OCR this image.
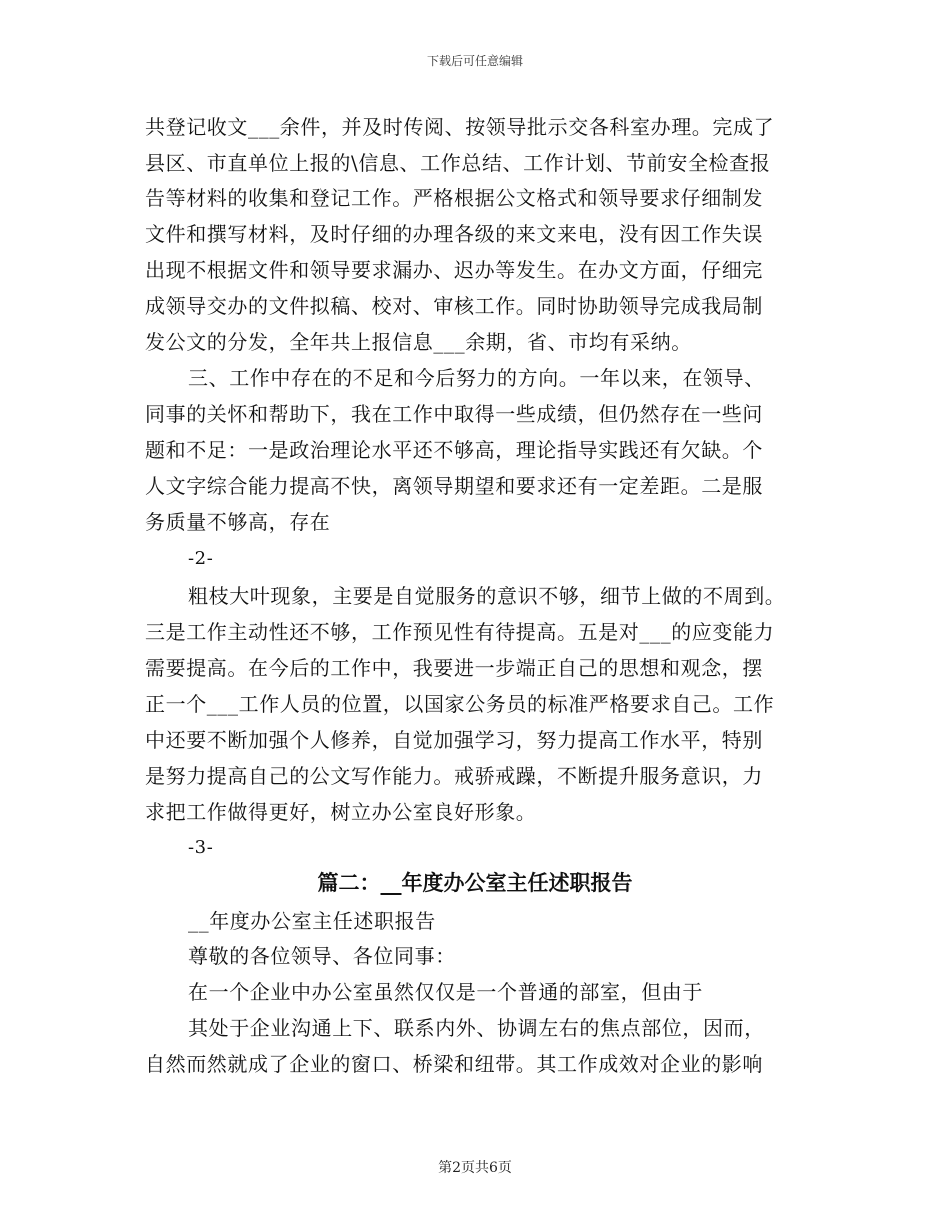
下载后可任意编辑
共登记收文___余件，并及时传阅、按领导批示交各科室办理。完成了
县区、市直单位上报的\信息、工作总结、工作计划、节前安全检查报
告等材料的收集和登记工作。严格根据公文格式和领导要求仔细制发
文件和撰写材料，及时仔细的办理各级的来文来电，没有因工作失误
出现不根据文件和领导要求漏办、迟办等发生。在办文方面，仔细完
成领导交办的文件拟稿、校对、审核工作。同时协助领导完成我局制
发公文的分发，全年共上报信息___余期，省、市均有采纳。
三、工作中存在的不足和今后努力的方向。一年以来，在领导、
同事的关怀和帮助下，我在工作中取得一些成绩，但仍然存在一些问
题和不足：一是政治理论水平还不够高，理论指导实践还有欠缺。个
人文字综合能力提高不快，离领导期望和要求还有一定差距。二是服
务质量不够高，存在
-2-
粗枝大叶现象，主要是自觉服务的意识不够，细节上做的不周到。
三是工作主动性还不够，工作预见性有待提高。五是对___的应变能力
需要提高。在今后的工作中，我要进一步端正自己的思想和观念，摆
正一个___工作人员的位置，以国家公务员的标准严格要求自己。工作
中还要不断加强个人修养，自觉加强学习，努力提高工作水平，特别
是努力提高自己的公文写作能力。戒骄戒躁，不断提升服务意识，力
求把工作做得更好，树立办公室良好形象。
-3-
篇二：__年度办公室主任述职报告
__年度办公室主任述职报告
尊敬的各位领导、各位同事：
在一个企业中办公室虽然仅仅是一个普通的部室，但由于
其处于企业沟通上下、联系内外、协调左右的焦点部位，因而，
自然而然就成了企业的窗口、桥梁和纽带。其工作成效对企业的影响
第2页共6页
